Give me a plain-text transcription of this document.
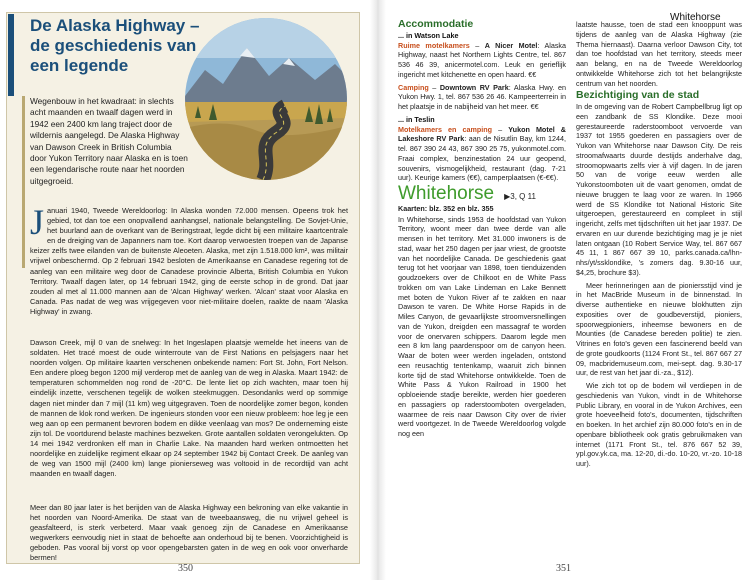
De Alaska Highway – de geschiedenis van een legende
Wegenbouw in het kwadraat: in slechts acht maanden en twaalf dagen werd in 1942 een 2400 km lang traject door de wildernis aangelegd. De Alaska Highway van Dawson Creek in British Columbia door Yukon Territory naar Alaska en is toen een legendarische route naar het noorden uitgegroeid.
Januari 1940, Tweede Wereldoorlog: In Alaska wonden 72.000 mensen. Opeens trok het gebied, tot dan toe een onopvallend aanhangsel, nationale belangstelling. De Sovjet-Unie, het buurland aan de overkant van de Beringstraat, legde dicht bij een militaire kaartcentrale en de dreiging van de Japanners nam toe. Kort daarop verwoesten troepen van de Japanse keizer zelfs twee eilanden van de buitenste Aleoeten. Alaska, met zijn 1.518.000 km², was militair vrijwel onbeschermd. Op 2 februari 1942 besloten de Amerikaanse en Canadese regering tot de aanleg van een militaire weg door de Canadese provincie Alberta, British Columbia en Yukon Territory. Twaalf dagen later, op 14 februari 1942, ging de eerste schop in de grond. Dat jaar zouden al met al 11.000 mannen aan de 'Alcan Highway' werken. 'Alcan' staat voor Alaska en Canada. Pas nadat de weg was vrijgegeven voor niet-militaire doelen, raakte de naam 'Alaska Highway' in zwang.
Dawson Creek, mijl 0 van de snelweg: In het Ingeslapen plaatsje wemelde het ineens van de soldaten. Het tracé moest de oude winterroute van de First Nations en pelsjagers naar het noorden volgen. Op militaire kaarten verschenen onbekende namen: Fort St. John, Fort Nelson. Een andere ploeg begon 1200 mijl verderop met de aanleg van de weg in Alaska. Maart 1942: de temperaturen schommelden nog rond de -20°C. De lente liet op zich wachten, maar toen hij eindelijk inzette, verschenen tegelijk de wolken steekmuggen. Desondanks werd op sommige dagen niet minder dan 7 mijl (11 km) weg uitgegraven. Toen de noordelijke zomer begon, konden de mannen de klok rond werken. De ingenieurs stonden voor een nieuw probleem: hoe leg je een weg aan op een permanent bevroren bodem en dikke veenlaag van mos? De onderneming eiste zijn tol. De voortdurend belaste machines bezweken. Grote aantallen soldaten verongelukten. Op 14 mei 1942 verdronken elf man in Charlie Lake. Na maanden hard werken ontmoetten het noordelijke en zuidelijke regiment elkaar op 24 september 1942 bij Contact Creek. De aanleg van de weg van 1500 mijl (2400 km) lange pionierseweg was voltooid in de recordtijd van acht maanden en twaalf dagen.
Meer dan 80 jaar later is het berijden van de Alaska Highway een bekroning van elke vakantie in het noorden van Noord-Amerika. De staat van de tweebaansweg, die nu vrijwel geheel is geasfalteerd, is sterk verbeterd. Maar vaak genoeg zijn de Canadese en Amerikaanse wegwerkers eenvoudig niet in staat de behoefte aan onderhoud bij te benen. Voorzichtigheid is geboden. Pas vooral bij vorst op voor opengebarsten gaten in de weg en ook voor onverharde bermen!
350
Whitehorse
Accommodatie
... in Watson Lake

Ruime motelkamers – A Nicer Motel: Alaska Highway, naast het Northern Lights Centre, tel. 867 536 46 39, anicermotel.com. Leuk en gerieflijk ingericht met kitchenette en open haard. €€

Camping – Downtown RV Park: Alaska Hwy. en Yukon Hwy. 1, tel. 867 536 26 46. Kampeerterrein in het plaatsje in de nabijheid van het meer. €€

... in Teslin

Motelkamers en camping – Yukon Motel & Lakeshore RV Park: aan de Nisutlin Bay, km 1244, tel. 867 390 24 43, 867 390 25 75, yukonmotel.com. Fraai complex, benzinestation 24 uur geopend, souvenirs, vismogelijkheid, restaurant (dag. 7-21 uur). Keurige kamers (€€), camperplaatsen (€-€€).

Whitehorse ▶3, Q 11
Kaarten: blz. 352 en blz. 355

In Whitehorse, sinds 1953 de hoofdstad van Yukon Territory, woont meer dan twee derde van alle mensen in het territory. Met 31.000 inwoners is de stad, waar het 250 dagen per jaar vriest, de grootste van het noordelijke Canada. De geschiedenis gaat terug tot het voorjaar van 1898, toen tienduizenden goudzoekers over de Chilkoot en de White Pass trokken om van Lake Lindeman en Lake Bennett met boten de Yukon River af te zakken en naar Dawson te varen. De White Horse Rapids in de Miles Canyon, de gevaarlijkste stroomversnellingen van de Yukon, dreigden een massagraf te worden voor de onervaren schippers. Daarom legde men een 8 km lang paardenspoor om de canyon heen. Waar de boten weer werden ingeladen, ontstond een reusachtig tentenkamp, waaruit zich binnen korte tijd de stad Whitehorse ontwikkelde. Toen de White Pass & Yukon Railroad in 1900 het opbloeiende stadje bereikte, werden hier goederen en passagiers op raderstoomboten overgeladen, waarmee de reis naar Dawson City over de rivier werd voortgezet. In de Tweede Wereldoorlog volgde nog een

laatste hausse, toen de stad een knooppunt was tijdens de aanleg van de Alaska Highway (zie Thema hiernaast). Daarna verloor Dawson City, tot dan toe hoofdstad van het territory, steeds meer aan belang, en na de Tweede Wereldoorlog ontwikkelde Whitehorse zich tot het belangrijkste centrum van het noorden.

Bezichtiging van de stad

In de omgeving van de Robert Campbellbrug ligt op een zandbank de SS Klondike. Deze mooi gerestaureerde raderstoomboot vervoerde van 1937 tot 1955 goederen en passagiers over de Yukon van Whitehorse naar Dawson City. De reis stroomafwaarts duurde destijds anderhalve dag, stroomopwaarts zelfs vier à vijf dagen. In de jaren 50 van de vorige eeuw werden alle Yukonstoomboten uit de vaart genomen, omdat de nieuwe bruggen te laag voor ze waren. In 1966 werd de SS Klondike tot National Historic Site uitgeroepen, gerestaureerd en compleet in stijl ingericht, zelfs met tijdschriften uit het jaar 1937. De ervaren en uur durende bezichtiging mag je je niet laten ontgaan (10 Robert Service Way, tel. 867 667 45 11, 1 867 667 39 10, parks.canada.ca/lhn-nhs/yt/ssklondike, 's zomers dag. 9.30-16 uur, $4,25, brochure $3).

Meer herinneringen aan de pioniersstijd vind je in het MacBride Museum in de binnenstad. In diverse authentieke en nieuwe blokhutten zijn exposities over de goudbeverstijd, pioniers, spoorwegpioniers, inheemse bewoners en de Mounties (de Canadese bereden politie) te zien. Vitrines en foto's geven een fascinerend beeld van de grote goudkoorts (1124 Front St., tel. 867 667 27 09, macbridemuseum.com, mei-sept. dag. 9.30-17 uur, de rest van het jaar di.-za., $12).

Wie zich tot op de bodem wil verdiepen in de geschiedenis van Yukon, vindt in de Whitehorse Public Library, en vooral in de Yukon Archives, een grote hoeveelheid foto's, documenten, tijdschriften en boeken. In het archief zijn 80.000 foto's en in de openbare bibliotheek ook gratis gebruikmaken van internet (1171 Front St., tel. 876 667 52 39, ypl.gov.yk.ca, ma. 12-20, di.-do. 10-20, vr.-zo. 10-18 uur).

351
